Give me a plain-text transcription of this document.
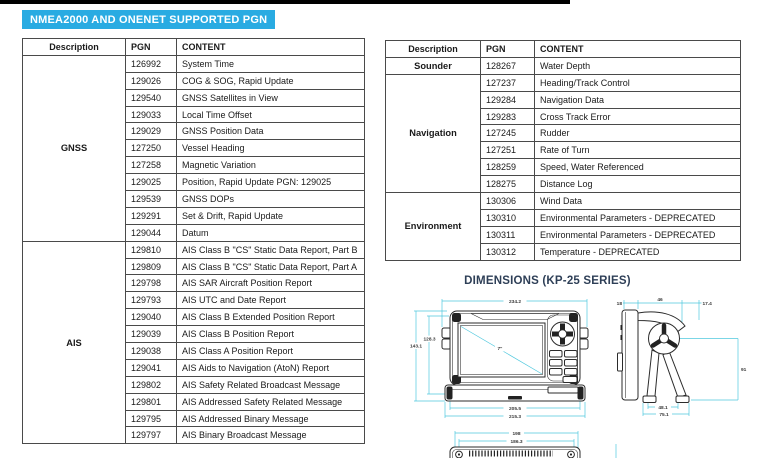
NMEA2000 AND ONENET SUPPORTED PGN
Description	PGN	CONTENT
GNSS	126992	System Time
	129026	COG & SOG, Rapid Update
	129540	GNSS Satellites in View
	129033	Local Time Offset
	129029	GNSS Position Data
	127250	Vessel Heading
	127258	Magnetic Variation
	129025	Position, Rapid Update PGN: 129025
	129539	GNSS DOPs
	129291	Set & Drift, Rapid Update
	129044	Datum
AIS	129810	AIS Class B "CS" Static Data Report, Part B
	129809	AIS Class B "CS" Static Data Report, Part A
	129798	AIS SAR Aircraft Position Report
	129793	AIS UTC and Date Report
	129040	AIS Class B Extended Position Report
	129039	AIS Class B Position Report
	129038	AIS Class A Position Report
	129041	AIS Aids to Navigation (AtoN) Report
	129802	AIS Safety Related Broadcast Message
	129801	AIS Addressed Safety Related Message
	129795	AIS Addressed Binary Message
	129797	AIS Binary Broadcast Message
Description	PGN	CONTENT
Sounder	128267	Water Depth
Navigation	127237	Heading/Track Control
	129284	Navigation Data
	129283	Cross Track Error
	127245	Rudder
	127251	Rate of Turn
	128259	Speed, Water Referenced
	128275	Distance Log
Environment	130306	Wind Data
	130310	Environmental Parameters - DEPRECATED
	130311	Environmental Parameters - DEPRECATED
	130312	Temperature - DEPRECATED
DIMENSIONS (KP-25 SERIES)
234.2
143.1
128.3
205.5
215.3
7"
198
186.3
18
46
17.4
91
48.1
75.1
